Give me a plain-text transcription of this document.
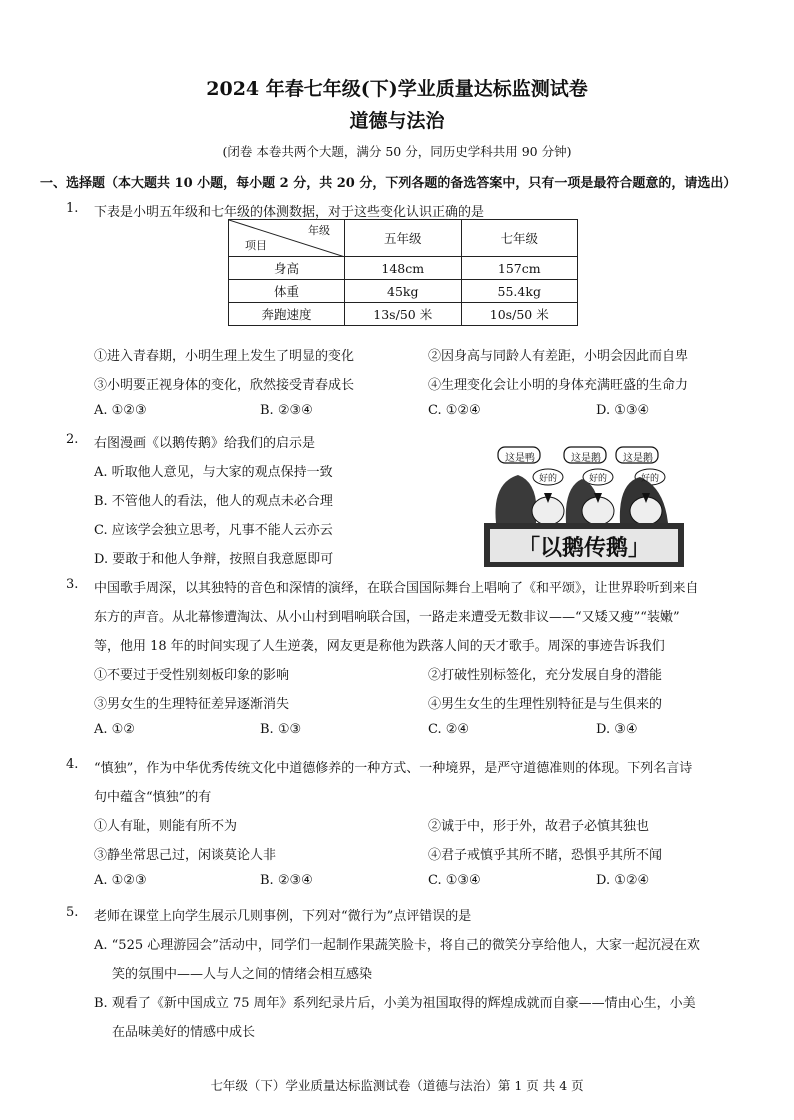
2024 年春七年级(下)学业质量达标监测试卷
道德与法治
(闭卷 本卷共两个大题，满分 50 分，同历史学科共用 90 分钟)
一、选择题（本大题共 10 小题，每小题 2 分，共 20 分，下列各题的备选答案中，只有一项是最符合题意的，请选出）
1. 下表是小明五年级和七年级的体测数据，对于这些变化认识正确的是
年级
项目	五年级	七年级
身高	148cm	157cm
体重	45kg	55.4kg
奔跑速度	13s/50 米	10s/50 米
①进入青春期，小明生理上发生了明显的变化	②因身高与同龄人有差距，小明会因此而自卑
③小明要正视身体的变化，欣然接受青春成长	④生理变化会让小明的身体充满旺盛的生命力
A. ①②③	B. ②③④	C. ①②④	D. ①③④
2. 右图漫画《以鹅传鹅》给我们的启示是
A. 听取他人意见，与大家的观点保持一致
B. 不管他人的看法，他人的观点未必合理
C. 应该学会独立思考，凡事不能人云亦云
D. 要敢于和他人争辩，按照自我意愿即可
这是鸭	这是鹅	这是鹅
好的	好的	好的
「以鹅传鹅」
3. 中国歌手周深，以其独特的音色和深情的演绎，在联合国国际舞台上唱响了《和平颂》，让世界聆听到来自
东方的声音。从北幕惨遭淘汰、从小山村到唱响联合国，一路走来遭受无数非议——“又矮又瘦”“装嫩”
等，他用 18 年的时间实现了人生逆袭，网友更是称他为跌落人间的天才歌手。周深的事迹告诉我们
①不要过于受性别刻板印象的影响	②打破性别标签化，充分发展自身的潜能
③男女生的生理特征差异逐渐消失	④男生女生的生理性别特征是与生俱来的
A. ①②	B. ①③	C. ②④	D. ③④
4. “慎独”，作为中华优秀传统文化中道德修养的一种方式、一种境界，是严守道德准则的体现。下列名言诗
句中蕴含“慎独”的有
①人有耻，则能有所不为	②诚于中，形于外，故君子必慎其独也
③静坐常思己过，闲谈莫论人非	④君子戒慎乎其所不睹，恐惧乎其所不闻
A. ①②③	B. ②③④	C. ①③④	D. ①②④
5. 老师在课堂上向学生展示几则事例，下列对“微行为”点评错误的是
A. “525 心理游园会”活动中，同学们一起制作果蔬笑脸卡，将自己的微笑分享给他人，大家一起沉浸在欢
笑的氛围中——人与人之间的情绪会相互感染
B. 观看了《新中国成立 75 周年》系列纪录片后，小美为祖国取得的辉煌成就而自豪——情由心生，小美
在品味美好的情感中成长
七年级（下）学业质量达标监测试卷（道德与法治）第 1 页 共 4 页
